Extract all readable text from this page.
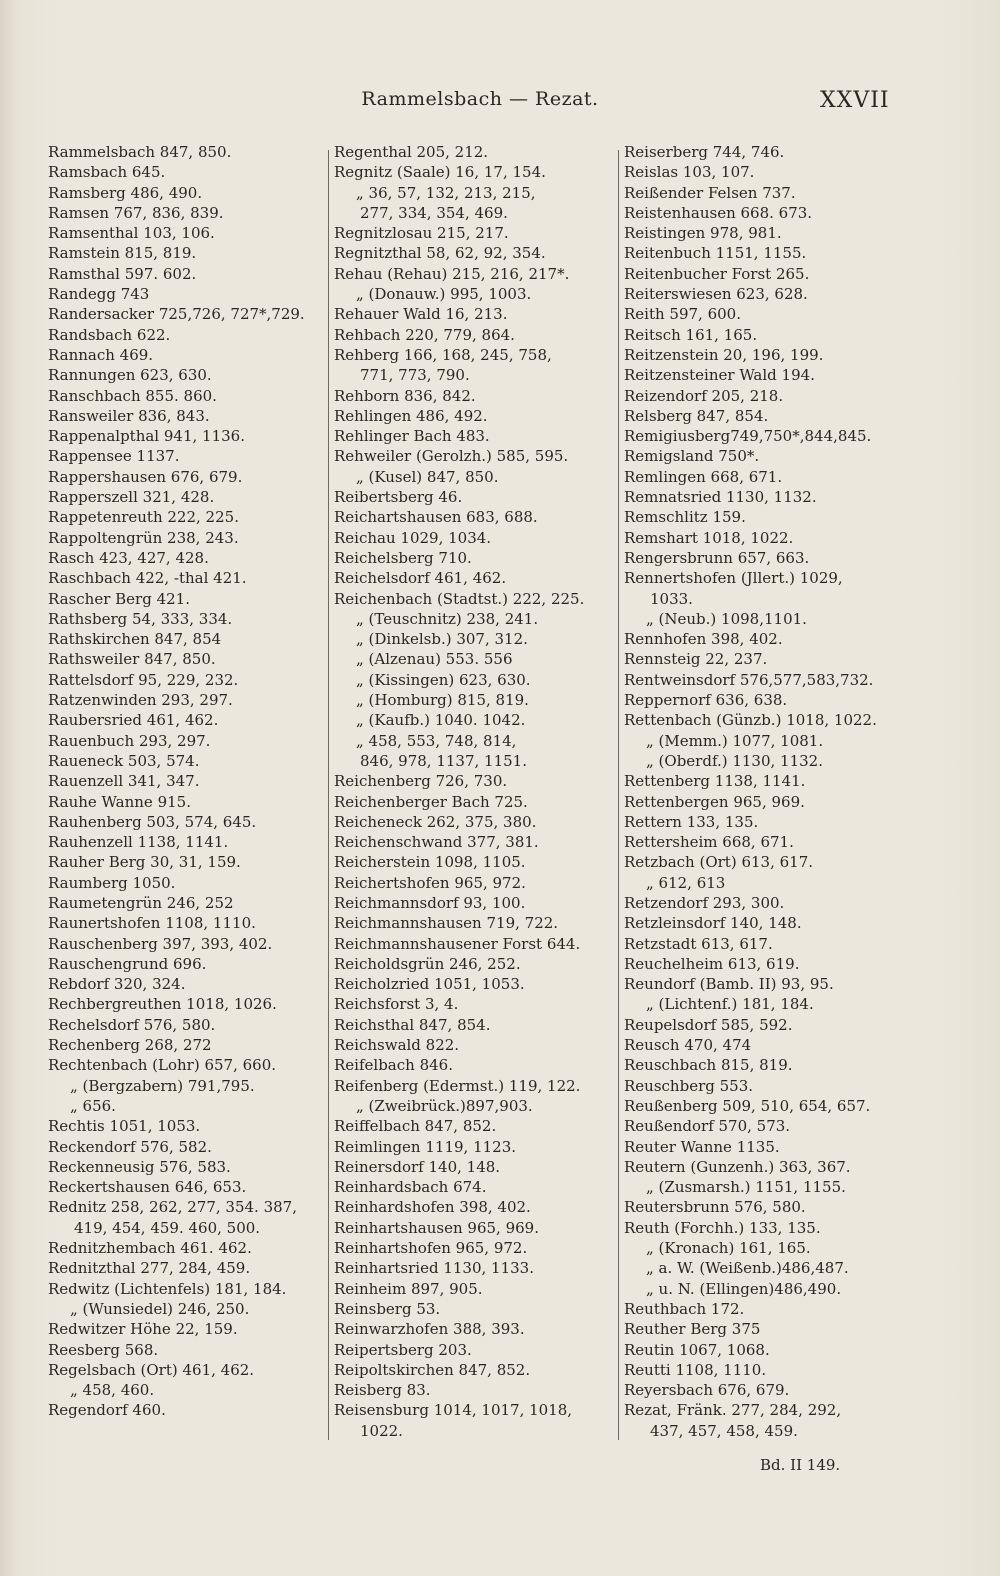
Rammelsbach — Rezat.	XXVII
Rammelsbach 847, 850.
Ramsbach 645.
Ramsberg 486, 490.
Ramsen 767, 836, 839.
Ramsenthal 103, 106.
Ramstein 815, 819.
Ramsthal 597. 602.
Randegg 743
Randersacker 725,726, 727*,729.
Randsbach 622.
Rannach 469.
Rannungen 623, 630.
Ranschbach 855. 860.
Ransweiler 836, 843.
Rappenalpthal 941, 1136.
Rappensee 1137.
Rappershausen 676, 679.
Rapperszell 321, 428.
Rappetenreuth 222, 225.
Rappoltengrün 238, 243.
Rasch 423, 427, 428.
Raschbach 422, -thal 421.
Rascher Berg 421.
Rathsberg 54, 333, 334.
Rathskirchen 847, 854
Rathsweiler 847, 850.
Rattelsdorf 95, 229, 232.
Ratzenwinden 293, 297.
Raubersried 461, 462.
Rauenbuch 293, 297.
Raueneck 503, 574.
Rauenzell 341, 347.
Rauhe Wanne 915.
Rauhenberg 503, 574, 645.
Rauhenzell 1138, 1141.
Rauher Berg 30, 31, 159.
Raumberg 1050.
Raumetengrün 246, 252
Raunertshofen 1108, 1110.
Rauschenberg 397, 393, 402.
Rauschengrund 696.
Rebdorf 320, 324.
Rechbergreuthen 1018, 1026.
Rechelsdorf 576, 580.
Rechenberg 268, 272
Rechtenbach (Lohr) 657, 660.
„ (Bergzabern) 791,795.
„ 656.
Rechtis 1051, 1053.
Reckendorf 576, 582.
Reckenneusig 576, 583.
Reckertshausen 646, 653.
Rednitz 258, 262, 277, 354. 387,
419, 454, 459. 460, 500.
Rednitzhembach 461. 462.
Rednitzthal 277, 284, 459.
Redwitz (Lichtenfels) 181, 184.
„ (Wunsiedel) 246, 250.
Redwitzer Höhe 22, 159.
Reesberg 568.
Regelsbach (Ort) 461, 462.
„ 458, 460.
Regendorf 460.
Regenthal 205, 212.
Regnitz (Saale) 16, 17, 154.
„ 36, 57, 132, 213, 215,
277, 334, 354, 469.
Regnitzlosau 215, 217.
Regnitzthal 58, 62, 92, 354.
Rehau (Rehau) 215, 216, 217*.
„ (Donauw.) 995, 1003.
Rehauer Wald 16, 213.
Rehbach 220, 779, 864.
Rehberg 166, 168, 245, 758,
771, 773, 790.
Rehborn 836, 842.
Rehlingen 486, 492.
Rehlinger Bach 483.
Rehweiler (Gerolzh.) 585, 595.
„ (Kusel) 847, 850.
Reibertsberg 46.
Reichartshausen 683, 688.
Reichau 1029, 1034.
Reichelsberg 710.
Reichelsdorf 461, 462.
Reichenbach (Stadtst.) 222, 225.
„ (Teuschnitz) 238, 241.
„ (Dinkelsb.) 307, 312.
„ (Alzenau) 553. 556
„ (Kissingen) 623, 630.
„ (Homburg) 815, 819.
„ (Kaufb.) 1040. 1042.
„ 458, 553, 748, 814,
846, 978, 1137, 1151.
Reichenberg 726, 730.
Reichenberger Bach 725.
Reicheneck 262, 375, 380.
Reichenschwand 377, 381.
Reicherstein 1098, 1105.
Reichertshofen 965, 972.
Reichmannsdorf 93, 100.
Reichmannshausen 719, 722.
Reichmannshausener Forst 644.
Reicholdsgrün 246, 252.
Reicholzried 1051, 1053.
Reichsforst 3, 4.
Reichsthal 847, 854.
Reichswald 822.
Reifelbach 846.
Reifenberg (Edermst.) 119, 122.
„ (Zweibrück.)897,903.
Reiffelbach 847, 852.
Reimlingen 1119, 1123.
Reinersdorf 140, 148.
Reinhardsbach 674.
Reinhardshofen 398, 402.
Reinhartshausen 965, 969.
Reinhartshofen 965, 972.
Reinhartsried 1130, 1133.
Reinheim 897, 905.
Reinsberg 53.
Reinwarzhofen 388, 393.
Reipertsberg 203.
Reipoltskirchen 847, 852.
Reisberg 83.
Reisensburg 1014, 1017, 1018,
1022.
Reiserberg 744, 746.
Reislas 103, 107.
Reißender Felsen 737.
Reistenhausen 668. 673.
Reistingen 978, 981.
Reitenbuch 1151, 1155.
Reitenbucher Forst 265.
Reiterswiesen 623, 628.
Reith 597, 600.
Reitsch 161, 165.
Reitzenstein 20, 196, 199.
Reitzensteiner Wald 194.
Reizendorf 205, 218.
Relsberg 847, 854.
Remigiusberg749,750*,844,845.
Remigsland 750*.
Remlingen 668, 671.
Remnatsried 1130, 1132.
Remschlitz 159.
Remshart 1018, 1022.
Rengersbrunn 657, 663.
Rennertshofen (Jllert.) 1029,
1033.
„ (Neub.) 1098,1101.
Rennhofen 398, 402.
Rennsteig 22, 237.
Rentweinsdorf 576,577,583,732.
Reppernorf 636, 638.
Rettenbach (Günzb.) 1018, 1022.
„ (Memm.) 1077, 1081.
„ (Oberdf.) 1130, 1132.
Rettenberg 1138, 1141.
Rettenbergen 965, 969.
Rettern 133, 135.
Rettersheim 668, 671.
Retzbach (Ort) 613, 617.
„ 612, 613
Retzendorf 293, 300.
Retzleinsdorf 140, 148.
Retzstadt 613, 617.
Reuchelheim 613, 619.
Reundorf (Bamb. II) 93, 95.
„ (Lichtenf.) 181, 184.
Reupelsdorf 585, 592.
Reusch 470, 474
Reuschbach 815, 819.
Reuschberg 553.
Reußenberg 509, 510, 654, 657.
Reußendorf 570, 573.
Reuter Wanne 1135.
Reutern (Gunzenh.) 363, 367.
„ (Zusmarsh.) 1151, 1155.
Reutersbrunn 576, 580.
Reuth (Forchh.) 133, 135.
„ (Kronach) 161, 165.
„ a. W. (Weißenb.)486,487.
„ u. N. (Ellingen)486,490.
Reuthbach 172.
Reuther Berg 375
Reutin 1067, 1068.
Reutti 1108, 1110.
Reyersbach 676, 679.
Rezat, Fränk. 277, 284, 292,
437, 457, 458, 459.
Bd. II 149.
